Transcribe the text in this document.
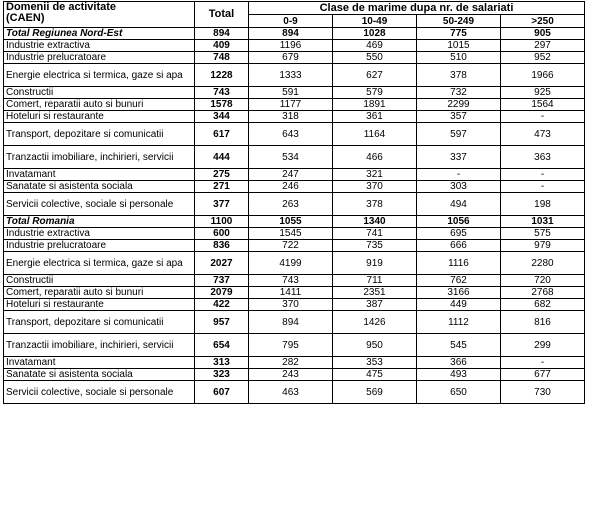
Domenii de activitate
(CAEN)	Total	Clase de marime dupa nr. de salariati			
		0-9	10-49	50-249	>250
Total Regiunea Nord-Est	894	894	1028	775	905
Industrie extractiva	409	1196	469	1015	297
Industrie prelucratoare	748	679	550	510	952
Energie electrica si termica, gaze si apa	1228	1333	627	378	1966
Constructii	743	591	579	732	925
Comert, reparatii auto si bunuri	1578	1177	1891	2299	1564
Hoteluri si restaurante	344	318	361	357	-
Transport, depozitare si comunicatii	617	643	1164	597	473
Tranzactii imobiliare, inchirieri, servicii	444	534	466	337	363
Invatamant	275	247	321	-	-
Sanatate si asistenta sociala	271	246	370	303	-
Servicii colective, sociale si personale	377	263	378	494	198
Total Romania	1100	1055	1340	1056	1031
Industrie extractiva	600	1545	741	695	575
Industrie prelucratoare	836	722	735	666	979
Energie electrica si termica, gaze si apa	2027	4199	919	1116	2280
Constructii	737	743	711	762	720
Comert, reparatii auto si bunuri	2079	1411	2351	3166	2768
Hoteluri si restaurante	422	370	387	449	682
Transport, depozitare si comunicatii	957	894	1426	1112	816
Tranzactii imobiliare, inchirieri, servicii	654	795	950	545	299
Invatamant	313	282	353	366	-
Sanatate si asistenta sociala	323	243	475	493	677
Servicii colective, sociale si personale	607	463	569	650	730
